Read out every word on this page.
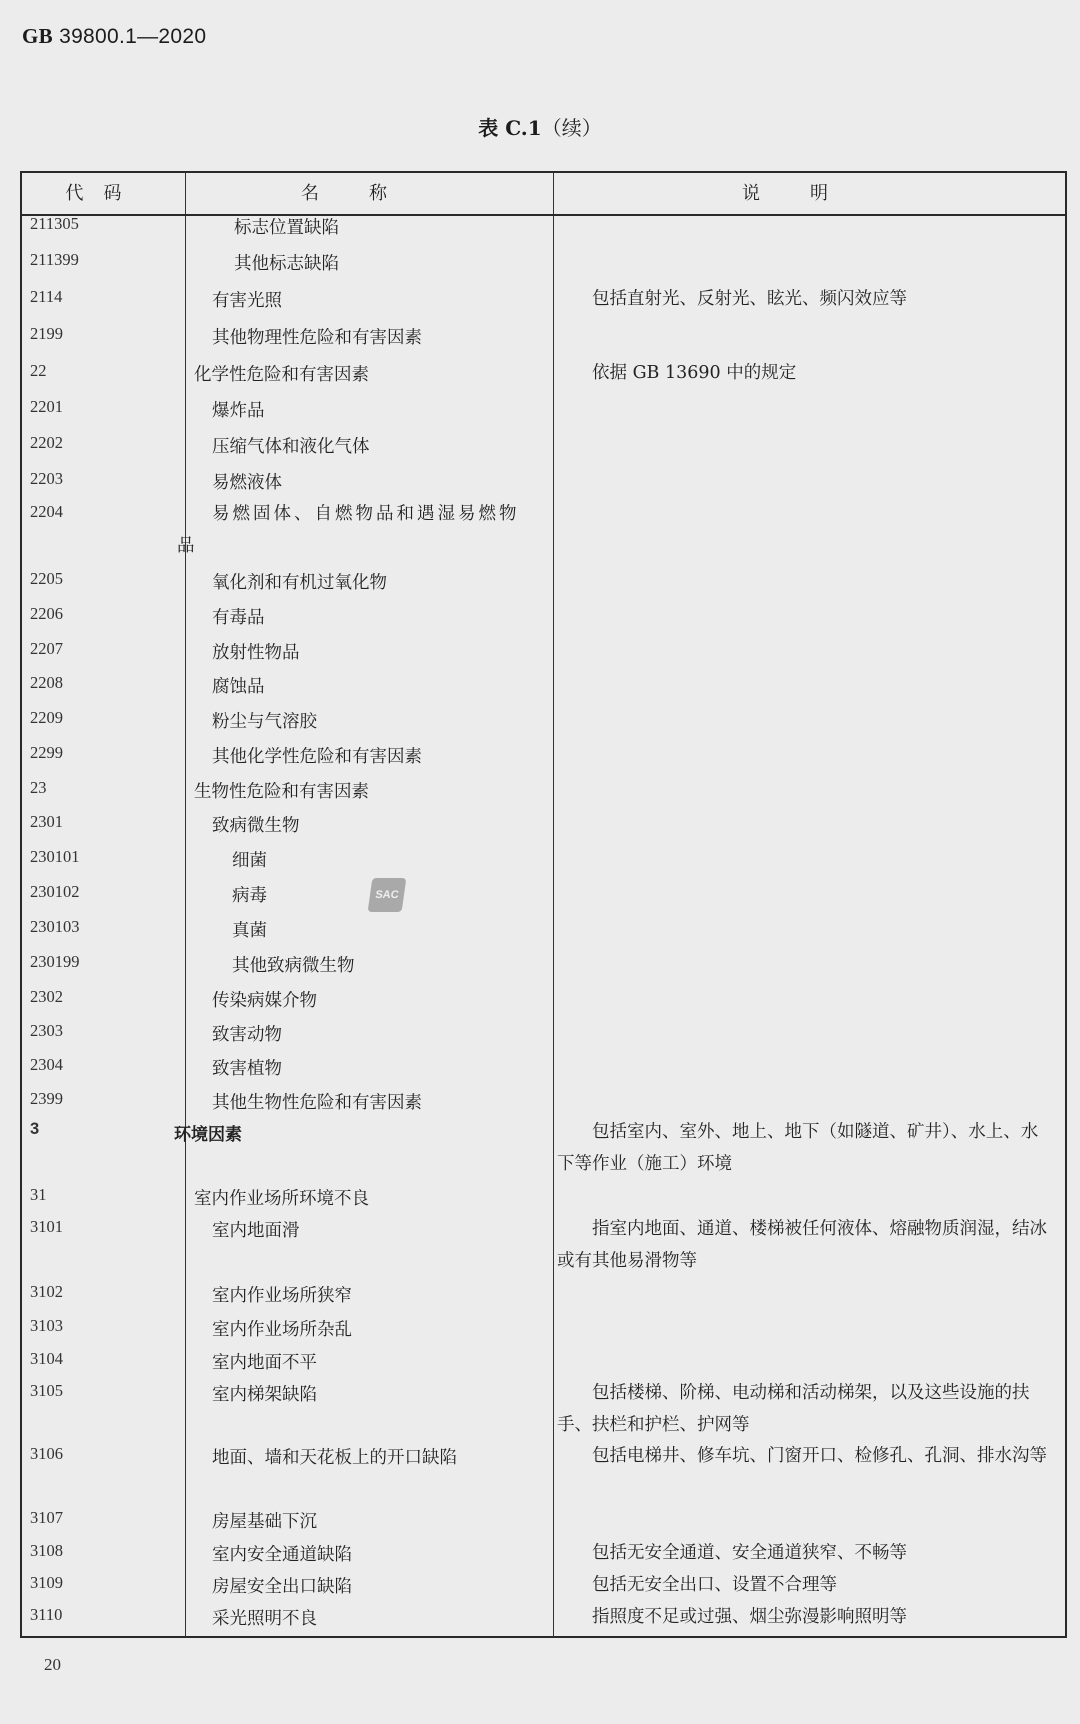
GB 39800.1—2020
表 C.1（续）
代码	名称	说明
211305	标志位置缺陷
211399	其他标志缺陷
2114	有害光照	包括直射光、反射光、眩光、频闪效应等
2199	其他物理性危险和有害因素
22	化学性危险和有害因素	依据 GB 13690 中的规定
2201	爆炸品
2202	压缩气体和液化气体
2203	易燃液体
2204	易燃固体、自燃物品和遇湿易燃物品
2205	氧化剂和有机过氧化物
2206	有毒品
2207	放射性物品
2208	腐蚀品
2209	粉尘与气溶胶
2299	其他化学性危险和有害因素
23	生物性危险和有害因素
2301	致病微生物
230101	细菌
230102	病毒
230103	真菌
230199	其他致病微生物
2302	传染病媒介物
2303	致害动物
2304	致害植物
2399	其他生物性危险和有害因素
3	环境因素	包括室内、室外、地上、地下（如隧道、矿井）、水上、水下等作业（施工）环境
31	室内作业场所环境不良
3101	室内地面滑	指室内地面、通道、楼梯被任何液体、熔融物质润湿，结冰或有其他易滑物等
3102	室内作业场所狭窄
3103	室内作业场所杂乱
3104	室内地面不平
3105	室内梯架缺陷	包括楼梯、阶梯、电动梯和活动梯架，以及这些设施的扶手、扶栏和护栏、护网等
3106	地面、墙和天花板上的开口缺陷	包括电梯井、修车坑、门窗开口、检修孔、孔洞、排水沟等
3107	房屋基础下沉
3108	室内安全通道缺陷	包括无安全通道、安全通道狭窄、不畅等
3109	房屋安全出口缺陷	包括无安全出口、设置不合理等
3110	采光照明不良	指照度不足或过强、烟尘弥漫影响照明等
SAC
20
